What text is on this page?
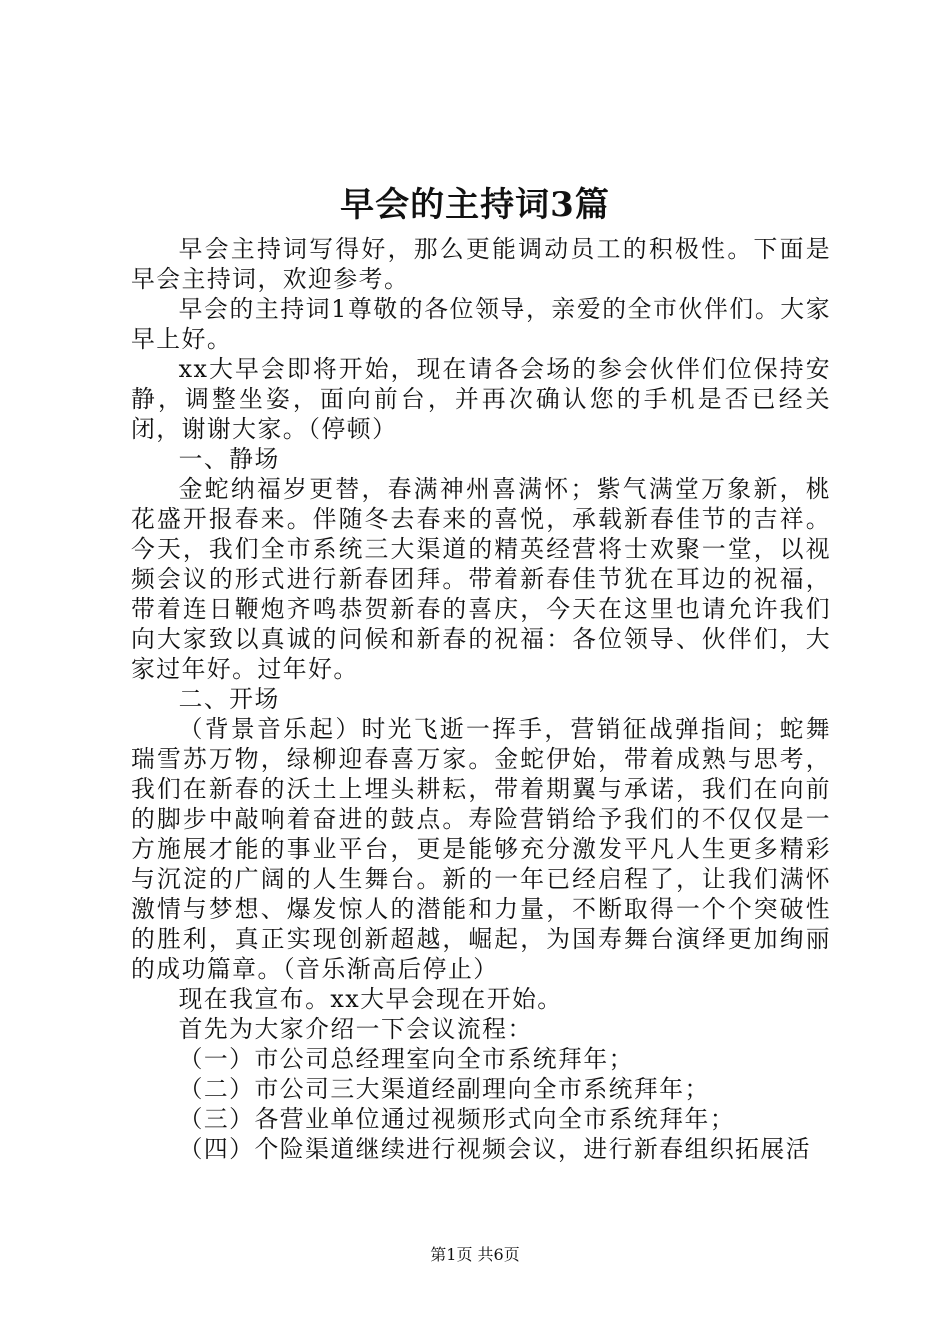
早会的主持词3篇

早会主持词写得好，那么更能调动员工的积极性。下面是早会主持词，欢迎参考。

早会的主持词1尊敬的各位领导，亲爱的全市伙伴们。大家早上好。

xx大早会即将开始，现在请各会场的参会伙伴们位保持安静，调整坐姿，面向前台，并再次确认您的手机是否已经关闭，谢谢大家。（停顿）

一、静场

金蛇纳福岁更替，春满神州喜满怀；紫气满堂万象新，桃花盛开报春来。伴随冬去春来的喜悦，承载新春佳节的吉祥。今天，我们全市系统三大渠道的精英经营将士欢聚一堂，以视频会议的形式进行新春团拜。带着新春佳节犹在耳边的祝福，带着连日鞭炮齐鸣恭贺新春的喜庆，今天在这里也请允许我们向大家致以真诚的问候和新春的祝福：各位领导、伙伴们，大家过年好。过年好。

二、开场

（背景音乐起）时光飞逝一挥手，营销征战弹指间；蛇舞瑞雪苏万物，绿柳迎春喜万家。金蛇伊始，带着成熟与思考，我们在新春的沃土上埋头耕耘，带着期翼与承诺，我们在向前的脚步中敲响着奋进的鼓点。寿险营销给予我们的不仅仅是一方施展才能的事业平台，更是能够充分激发平凡人生更多精彩与沉淀的广阔的人生舞台。新的一年已经启程了，让我们满怀激情与梦想、爆发惊人的潜能和力量，不断取得一个个突破性的胜利，真正实现创新超越，崛起，为国寿舞台演绎更加绚丽的成功篇章。（音乐渐高后停止）

现在我宣布。xx大早会现在开始。

首先为大家介绍一下会议流程：

（一）市公司总经理室向全市系统拜年；

（二）市公司三大渠道经副理向全市系统拜年；

（三）各营业单位通过视频形式向全市系统拜年；

（四）个险渠道继续进行视频会议，进行新春组织拓展活

第1页 共6页
